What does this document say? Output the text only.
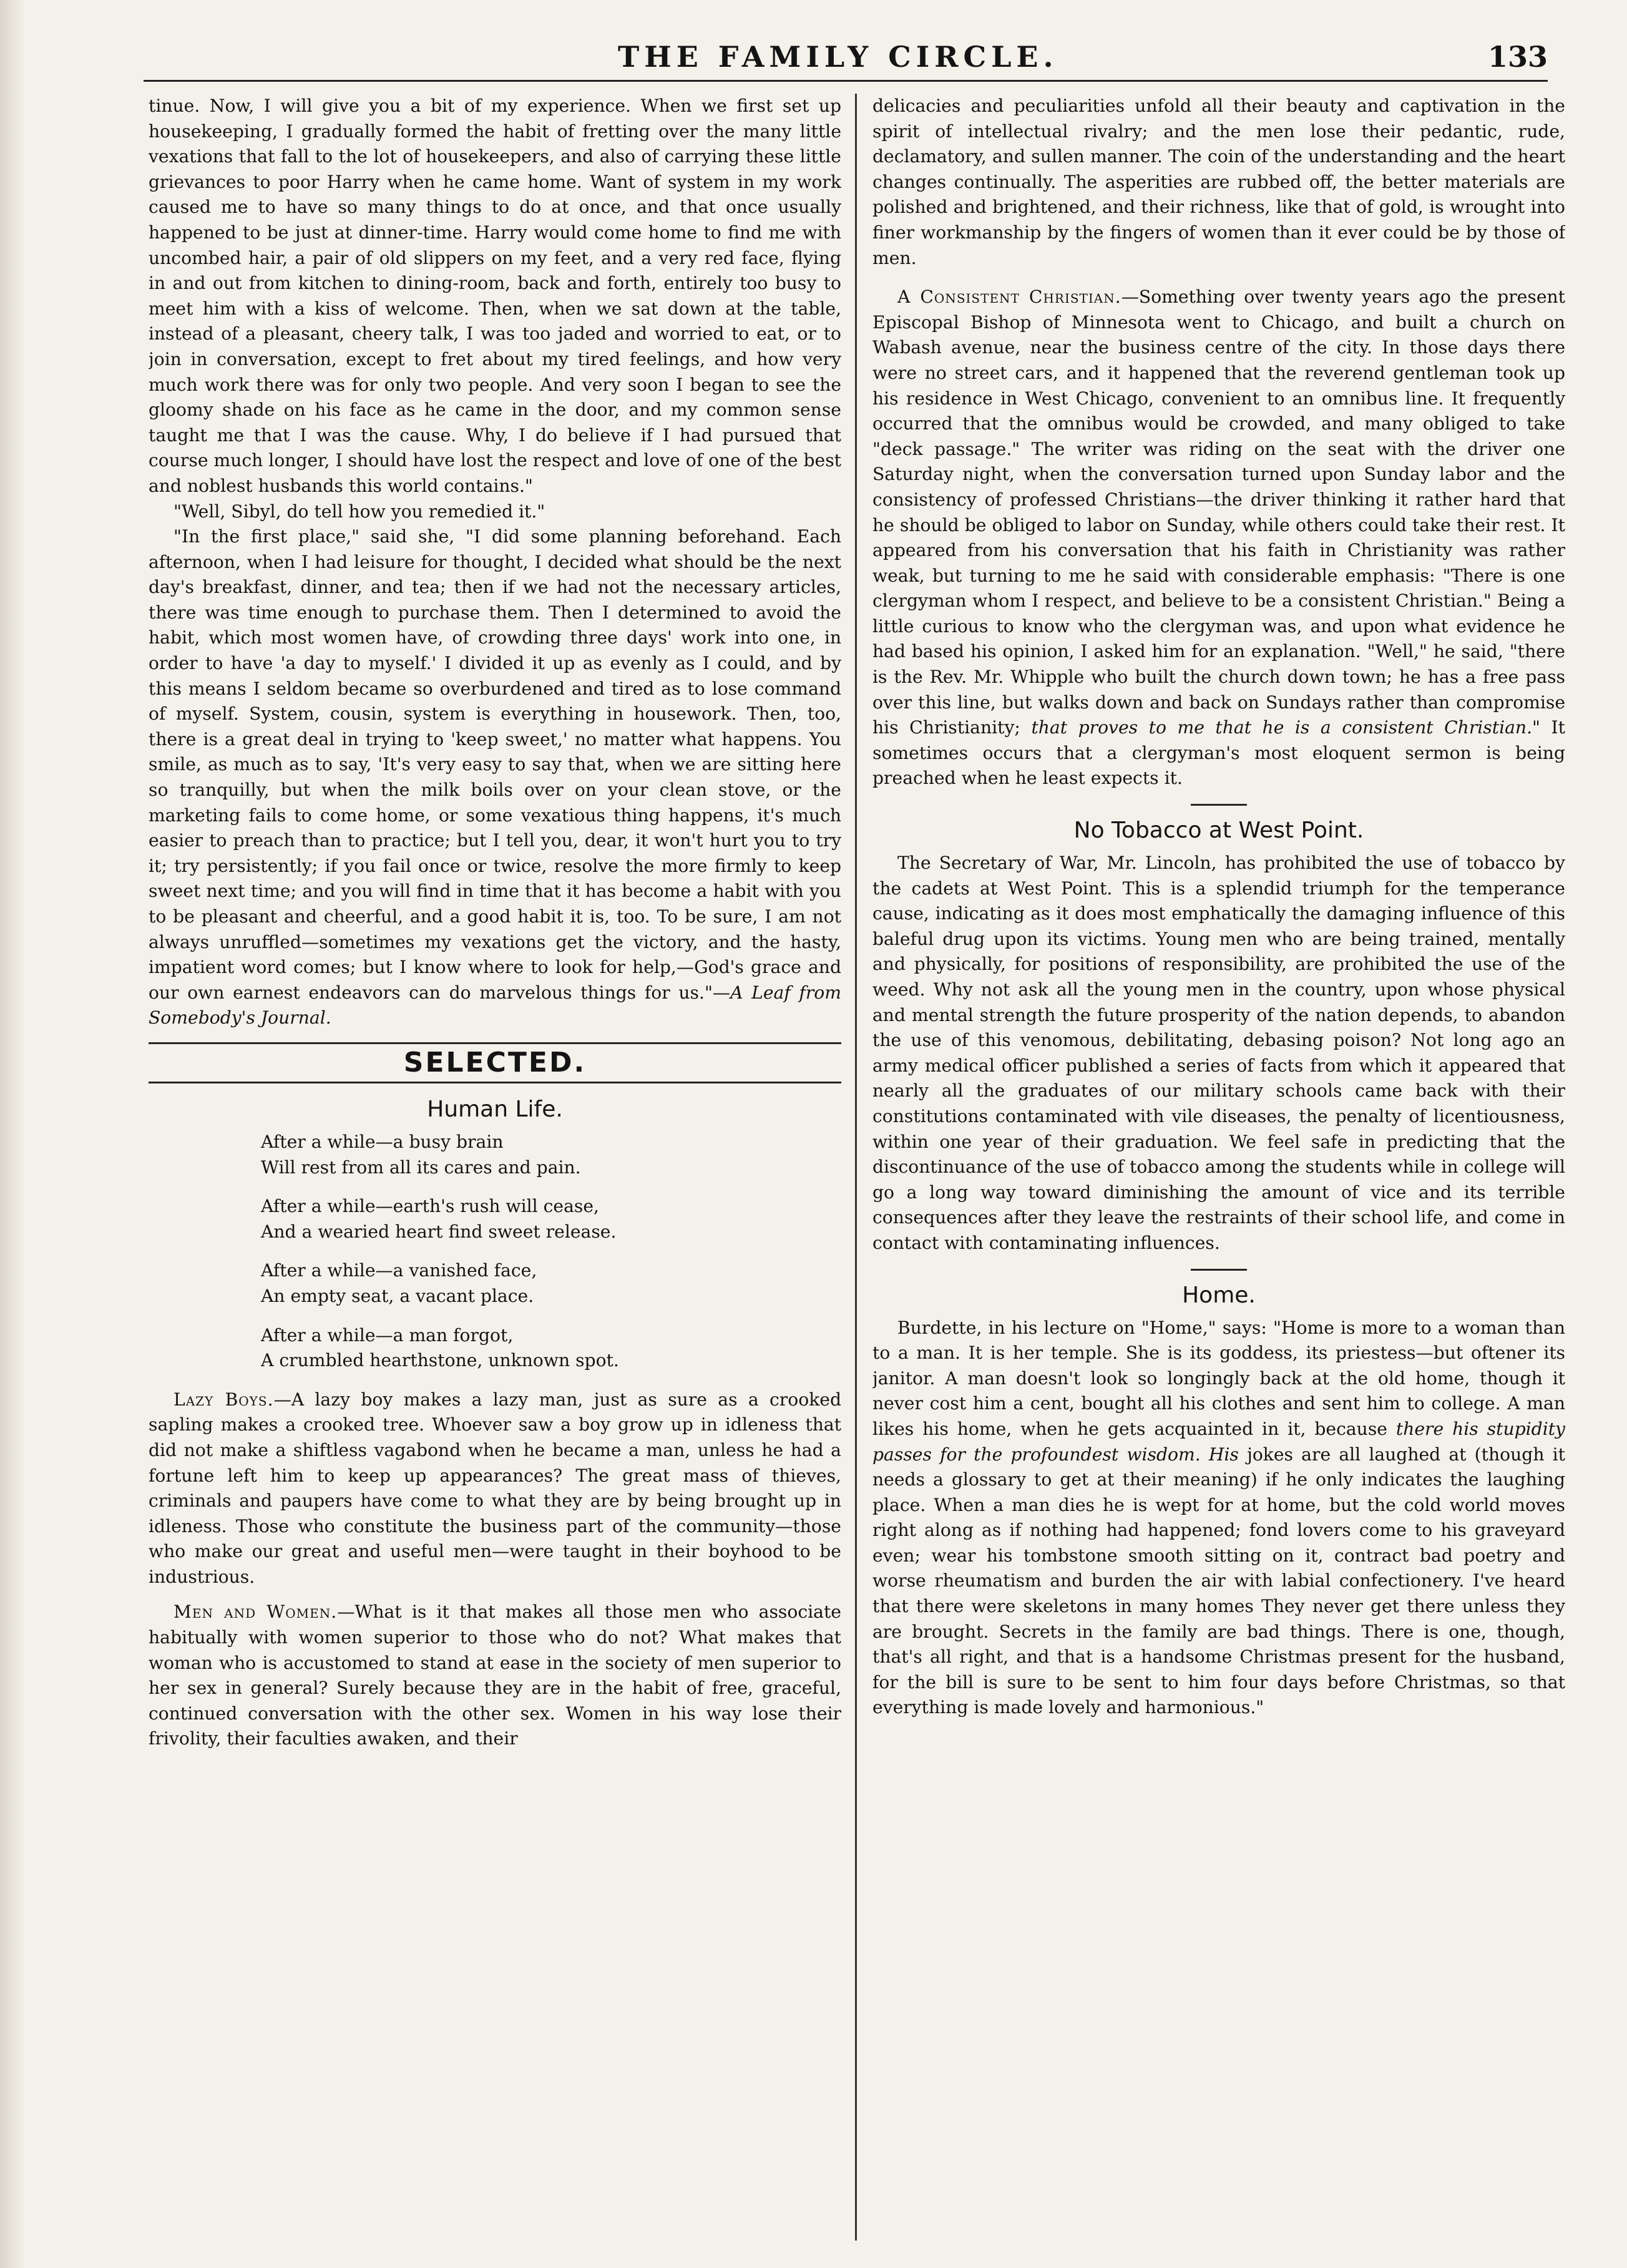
THE FAMILY CIRCLE.	133

tinue. Now, I will give you a bit of my experience. When we first set up housekeeping, I gradually formed the habit of fretting over the many little vexations that fall to the lot of housekeepers, and also of carrying these little grievances to poor Harry when he came home. Want of system in my work caused me to have so many things to do at once, and that once usually happened to be just at dinner-time. Harry would come home to find me with uncombed hair, a pair of old slippers on my feet, and a very red face, flying in and out from kitchen to dining-room, back and forth, entirely too busy to meet him with a kiss of welcome. Then, when we sat down at the table, instead of a pleasant, cheery talk, I was too jaded and worried to eat, or to join in conversation, except to fret about my tired feelings, and how very much work there was for only two people. And very soon I began to see the gloomy shade on his face as he came in the door, and my common sense taught me that I was the cause. Why, I do believe if I had pursued that course much longer, I should have lost the respect and love of one of the best and noblest husbands this world contains."

"Well, Sibyl, do tell how you remedied it."

"In the first place," said she, "I did some planning beforehand. Each afternoon, when I had leisure for thought, I decided what should be the next day's breakfast, dinner, and tea; then if we had not the necessary articles, there was time enough to purchase them. Then I determined to avoid the habit, which most women have, of crowding three days' work into one, in order to have 'a day to myself.' I divided it up as evenly as I could, and by this means I seldom became so overburdened and tired as to lose command of myself. System, cousin, system is everything in housework. Then, too, there is a great deal in trying to 'keep sweet,' no matter what happens. You smile, as much as to say, 'It's very easy to say that, when we are sitting here so tranquilly, but when the milk boils over on your clean stove, or the marketing fails to come home, or some vexatious thing happens, it's much easier to preach than to practice; but I tell you, dear, it won't hurt you to try it; try persistently; if you fail once or twice, resolve the more firmly to keep sweet next time; and you will find in time that it has become a habit with you to be pleasant and cheerful, and a good habit it is, too. To be sure, I am not always unruffled—sometimes my vexations get the victory, and the hasty, impatient word comes; but I know where to look for help,—God's grace and our own earnest endeavors can do marvelous things for us."—A Leaf from Somebody's Journal.

SELECTED.
Human Life.
After a while—a busy brain
Will rest from all its cares and pain.
After a while—earth's rush will cease,
And a wearied heart find sweet release.
After a while—a vanished face,
An empty seat, a vacant place.
After a while—a man forgot,
A crumbled hearthstone, unknown spot.

Lazy Boys.—A lazy boy makes a lazy man, just as sure as a crooked sapling makes a crooked tree. Whoever saw a boy grow up in idleness that did not make a shiftless vagabond when he became a man, unless he had a fortune left him to keep up appearances? The great mass of thieves, criminals and paupers have come to what they are by being brought up in idleness. Those who constitute the business part of the community—those who make our great and useful men—were taught in their boyhood to be industrious.

Men and Women.—What is it that makes all those men who associate habitually with women superior to those who do not? What makes that woman who is accustomed to stand at ease in the society of men superior to her sex in general? Surely because they are in the habit of free, graceful, continued conversation with the other sex. Women in his way lose their frivolity, their faculties awaken, and their

delicacies and peculiarities unfold all their beauty and captivation in the spirit of intellectual rivalry; and the men lose their pedantic, rude, declamatory, and sullen manner. The coin of the understanding and the heart changes continually. The asperities are rubbed off, the better materials are polished and brightened, and their richness, like that of gold, is wrought into finer workmanship by the fingers of women than it ever could be by those of men.

A Consistent Christian.—Something over twenty years ago the present Episcopal Bishop of Minnesota went to Chicago, and built a church on Wabash avenue, near the business centre of the city. In those days there were no street cars, and it happened that the reverend gentleman took up his residence in West Chicago, convenient to an omnibus line. It frequently occurred that the omnibus would be crowded, and many obliged to take "deck passage." The writer was riding on the seat with the driver one Saturday night, when the conversation turned upon Sunday labor and the consistency of professed Christians—the driver thinking it rather hard that he should be obliged to labor on Sunday, while others could take their rest. It appeared from his conversation that his faith in Christianity was rather weak, but turning to me he said with considerable emphasis: "There is one clergyman whom I respect, and believe to be a consistent Christian." Being a little curious to know who the clergyman was, and upon what evidence he had based his opinion, I asked him for an explanation. "Well," he said, "there is the Rev. Mr. Whipple who built the church down town; he has a free pass over this line, but walks down and back on Sundays rather than compromise his Christianity; that proves to me that he is a consistent Christian." It sometimes occurs that a clergyman's most eloquent sermon is being preached when he least expects it.

No Tobacco at West Point.

The Secretary of War, Mr. Lincoln, has prohibited the use of tobacco by the cadets at West Point. This is a splendid triumph for the temperance cause, indicating as it does most emphatically the damaging influence of this baleful drug upon its victims. Young men who are being trained, mentally and physically, for positions of responsibility, are prohibited the use of the weed. Why not ask all the young men in the country, upon whose physical and mental strength the future prosperity of the nation depends, to abandon the use of this venomous, debilitating, debasing poison? Not long ago an army medical officer published a series of facts from which it appeared that nearly all the graduates of our military schools came back with their constitutions contaminated with vile diseases, the penalty of licentiousness, within one year of their graduation. We feel safe in predicting that the discontinuance of the use of tobacco among the students while in college will go a long way toward diminishing the amount of vice and its terrible consequences after they leave the restraints of their school life, and come in contact with contaminating influences.

Home.

Burdette, in his lecture on "Home," says: "Home is more to a woman than to a man. It is her temple. She is its goddess, its priestess—but oftener its janitor. A man doesn't look so longingly back at the old home, though it never cost him a cent, bought all his clothes and sent him to college. A man likes his home, when he gets acquainted in it, because there his stupidity passes for the profoundest wisdom. His jokes are all laughed at (though it needs a glossary to get at their meaning) if he only indicates the laughing place. When a man dies he is wept for at home, but the cold world moves right along as if nothing had happened; fond lovers come to his graveyard even; wear his tombstone smooth sitting on it, contract bad poetry and worse rheumatism and burden the air with labial confectionery. I've heard that there were skeletons in many homes They never get there unless they are brought. Secrets in the family are bad things. There is one, though, that's all right, and that is a handsome Christmas present for the husband, for the bill is sure to be sent to him four days before Christmas, so that everything is made lovely and harmonious."
